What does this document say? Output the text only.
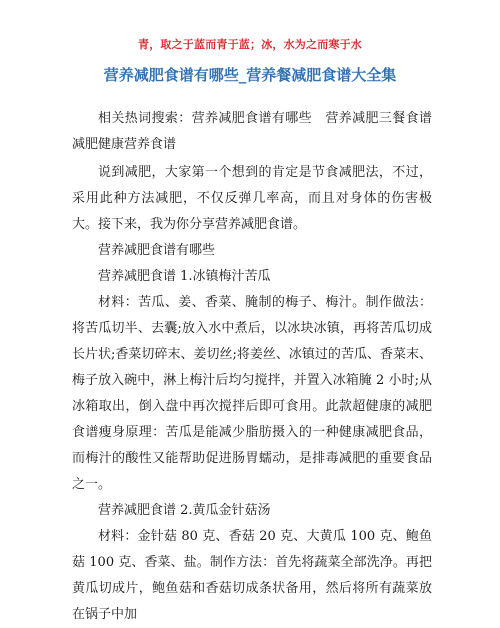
青，取之于蓝而青于蓝；冰，水为之而寒于水
营养减肥食谱有哪些_营养餐减肥食谱大全集

相关热词搜索：营养减肥食谱有哪些　营养减肥三餐食谱　减肥健康营养食谱

说到减肥，大家第一个想到的肯定是节食减肥法，不过，采用此种方法减肥，不仅反弹几率高，而且对身体的伤害极大。接下来，我为你分享营养减肥食谱。

营养减肥食谱有哪些

营养减肥食谱 1.冰镇梅汁苦瓜

材料：苦瓜、姜、香菜、腌制的梅子、梅汁。制作做法：将苦瓜切半、去囊;放入水中煮后，以冰块冰镇，再将苦瓜切成长片状;香菜切碎末、姜切丝;将姜丝、冰镇过的苦瓜、香菜末、梅子放入碗中，淋上梅汁后均匀搅拌，并置入冰箱腌 2 小时;从冰箱取出，倒入盘中再次搅拌后即可食用。此款超健康的减肥食谱瘦身原理：苦瓜是能减少脂肪摄入的一种健康减肥食品，而梅汁的酸性又能帮助促进肠胃蠕动，是排毒减肥的重要食品之一。

营养减肥食谱 2.黄瓜金针菇汤

材料：金针菇 80 克、香菇 20 克、大黄瓜 100 克、鲍鱼菇 100 克、香菜、盐。制作方法：首先将蔬菜全部洗净。再把黄瓜切成片，鲍鱼菇和香菇切成条状备用，然后将所有蔬菜放在锅子中加
